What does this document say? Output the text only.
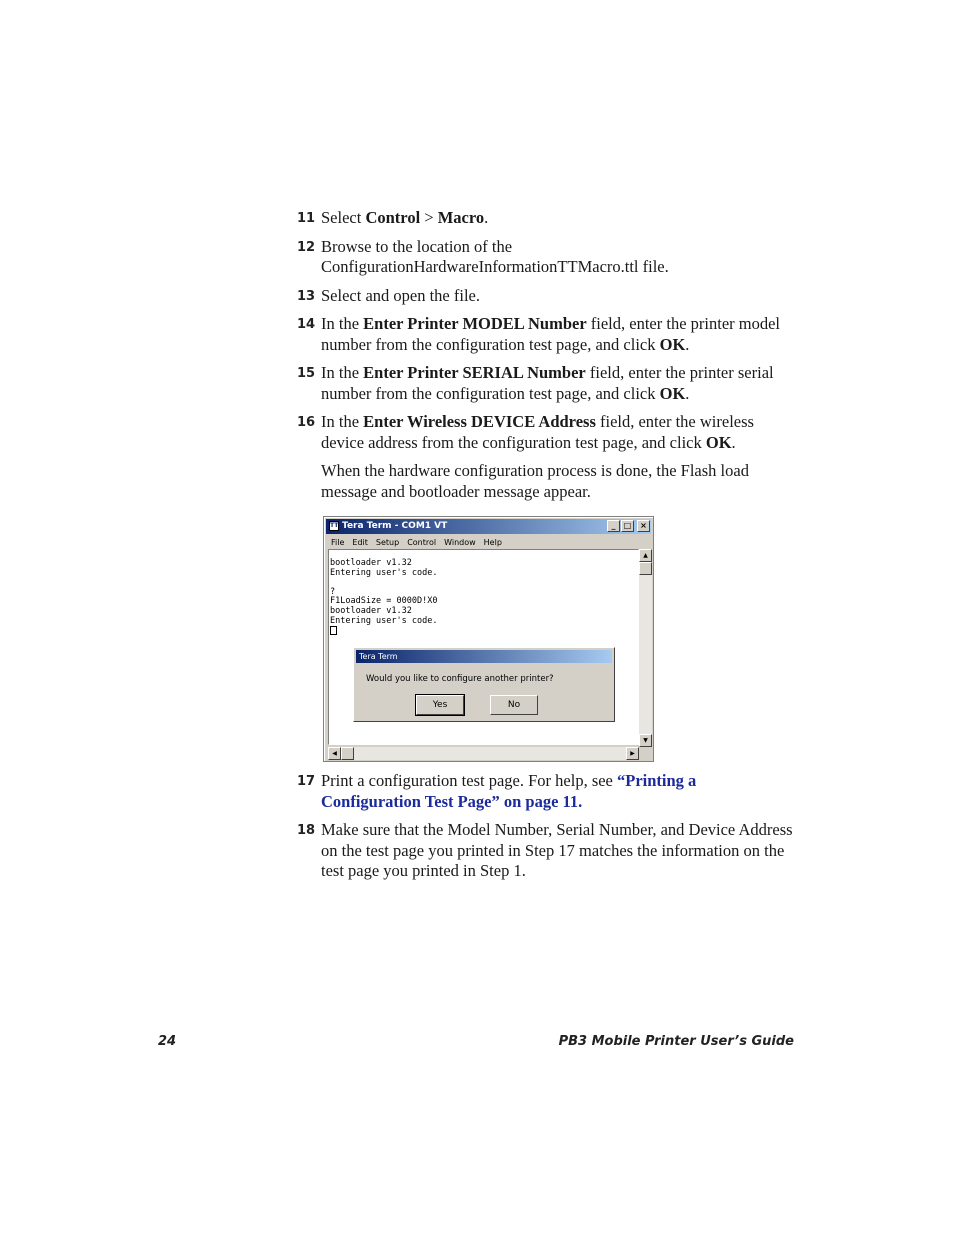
11 Select Control > Macro.
12 Browse to the location of the
ConfigurationHardwareInformationTTMacro.ttl file.
13 Select and open the file.
14 In the Enter Printer MODEL Number field, enter the printer model number from the configuration test page, and click OK.
15 In the Enter Printer SERIAL Number field, enter the printer serial number from the configuration test page, and click OK.
16 In the Enter Wireless DEVICE Address field, enter the wireless device address from the configuration test page, and click OK.
When the hardware configuration process is done, the Flash load message and bootloader message appear.
TT Tera Term - COM1 VT	_	□	×
File	Edit	Setup	Control	Window	Help
bootloader v1.32
Entering user's code.
?
F1LoadSize = 0000D!X0
bootloader v1.32
Entering user's code.
▲
▼
◀	▶
Tera Term
Would you like to configure another printer?
Yes	No
17 Print a configuration test page. For help, see “Printing a Configuration Test Page” on page 11.
18 Make sure that the Model Number, Serial Number, and Device Address on the test page you printed in Step 17 matches the information on the test page you printed in Step 1.
24	PB3 Mobile Printer User’s Guide
